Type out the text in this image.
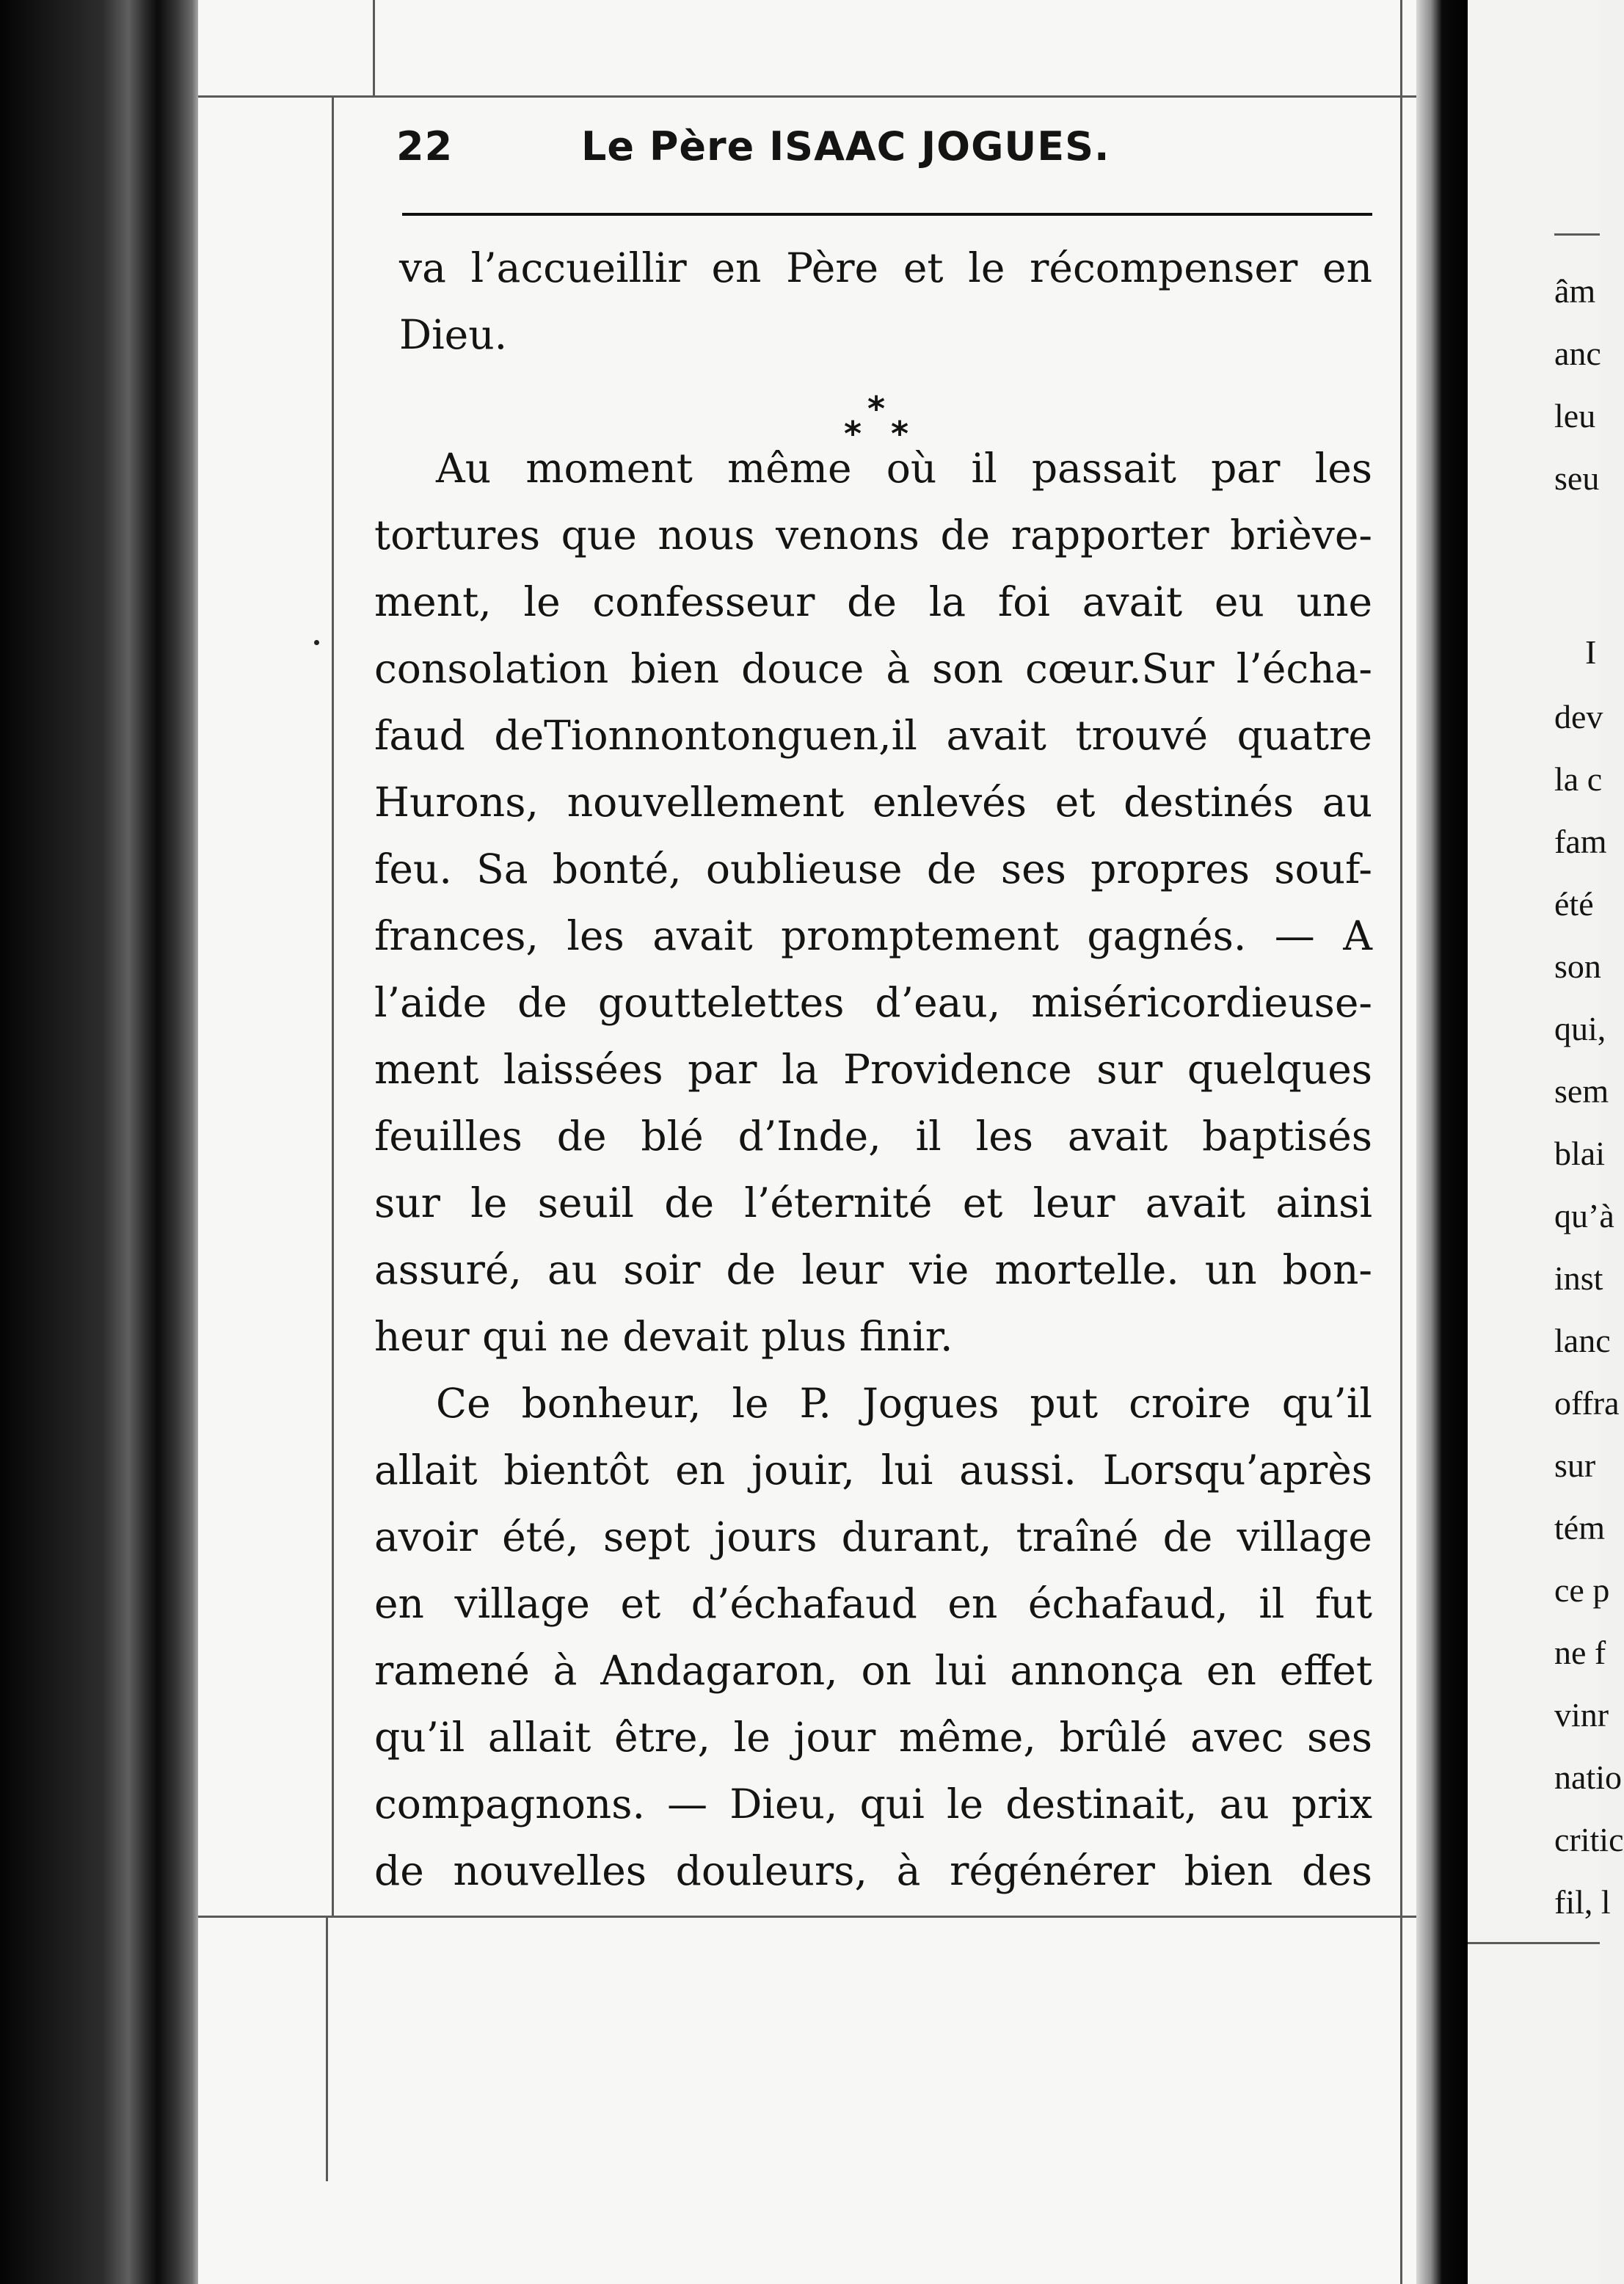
22	Le Père ISAAC JOGUES.
*
* *
va l’accueillir en Père et le récompenser en
Dieu.
Au moment même où il passait par les
tortures que nous venons de rapporter briève-
ment, le confesseur de la foi avait eu une
consolation bien douce à son cœur.Sur l’écha-
faud deTionnontonguen,il avait trouvé quatre
Hurons, nouvellement enlevés et destinés au
feu. Sa bonté, oublieuse de ses propres souf-
frances, les avait promptement gagnés. — A
l’aide de gouttelettes d’eau, miséricordieuse-
ment laissées par la Providence sur quelques
feuilles de blé d’Inde, il les avait baptisés
sur le seuil de l’éternité et leur avait ainsi
assuré, au soir de leur vie mortelle. un bon-
heur qui ne devait plus finir.
Ce bonheur, le P. Jogues put croire qu’il
allait bientôt en jouir, lui aussi. Lorsqu’après
avoir été, sept jours durant, traîné de village
en village et d’échafaud en échafaud, il fut
ramené à Andagaron, on lui annonça en effet
qu’il allait être, le jour même, brûlé avec ses
compagnons. — Dieu, qui le destinait, au prix
de nouvelles douleurs, à régénérer bien des
âm
anc
leu
seu
I
dev
la c
fam
été
son
qui,
sem
blai
qu’à
inst
lanc
offra
sur
tém
ce p
ne f
vinr
natio
critic
fil, l
